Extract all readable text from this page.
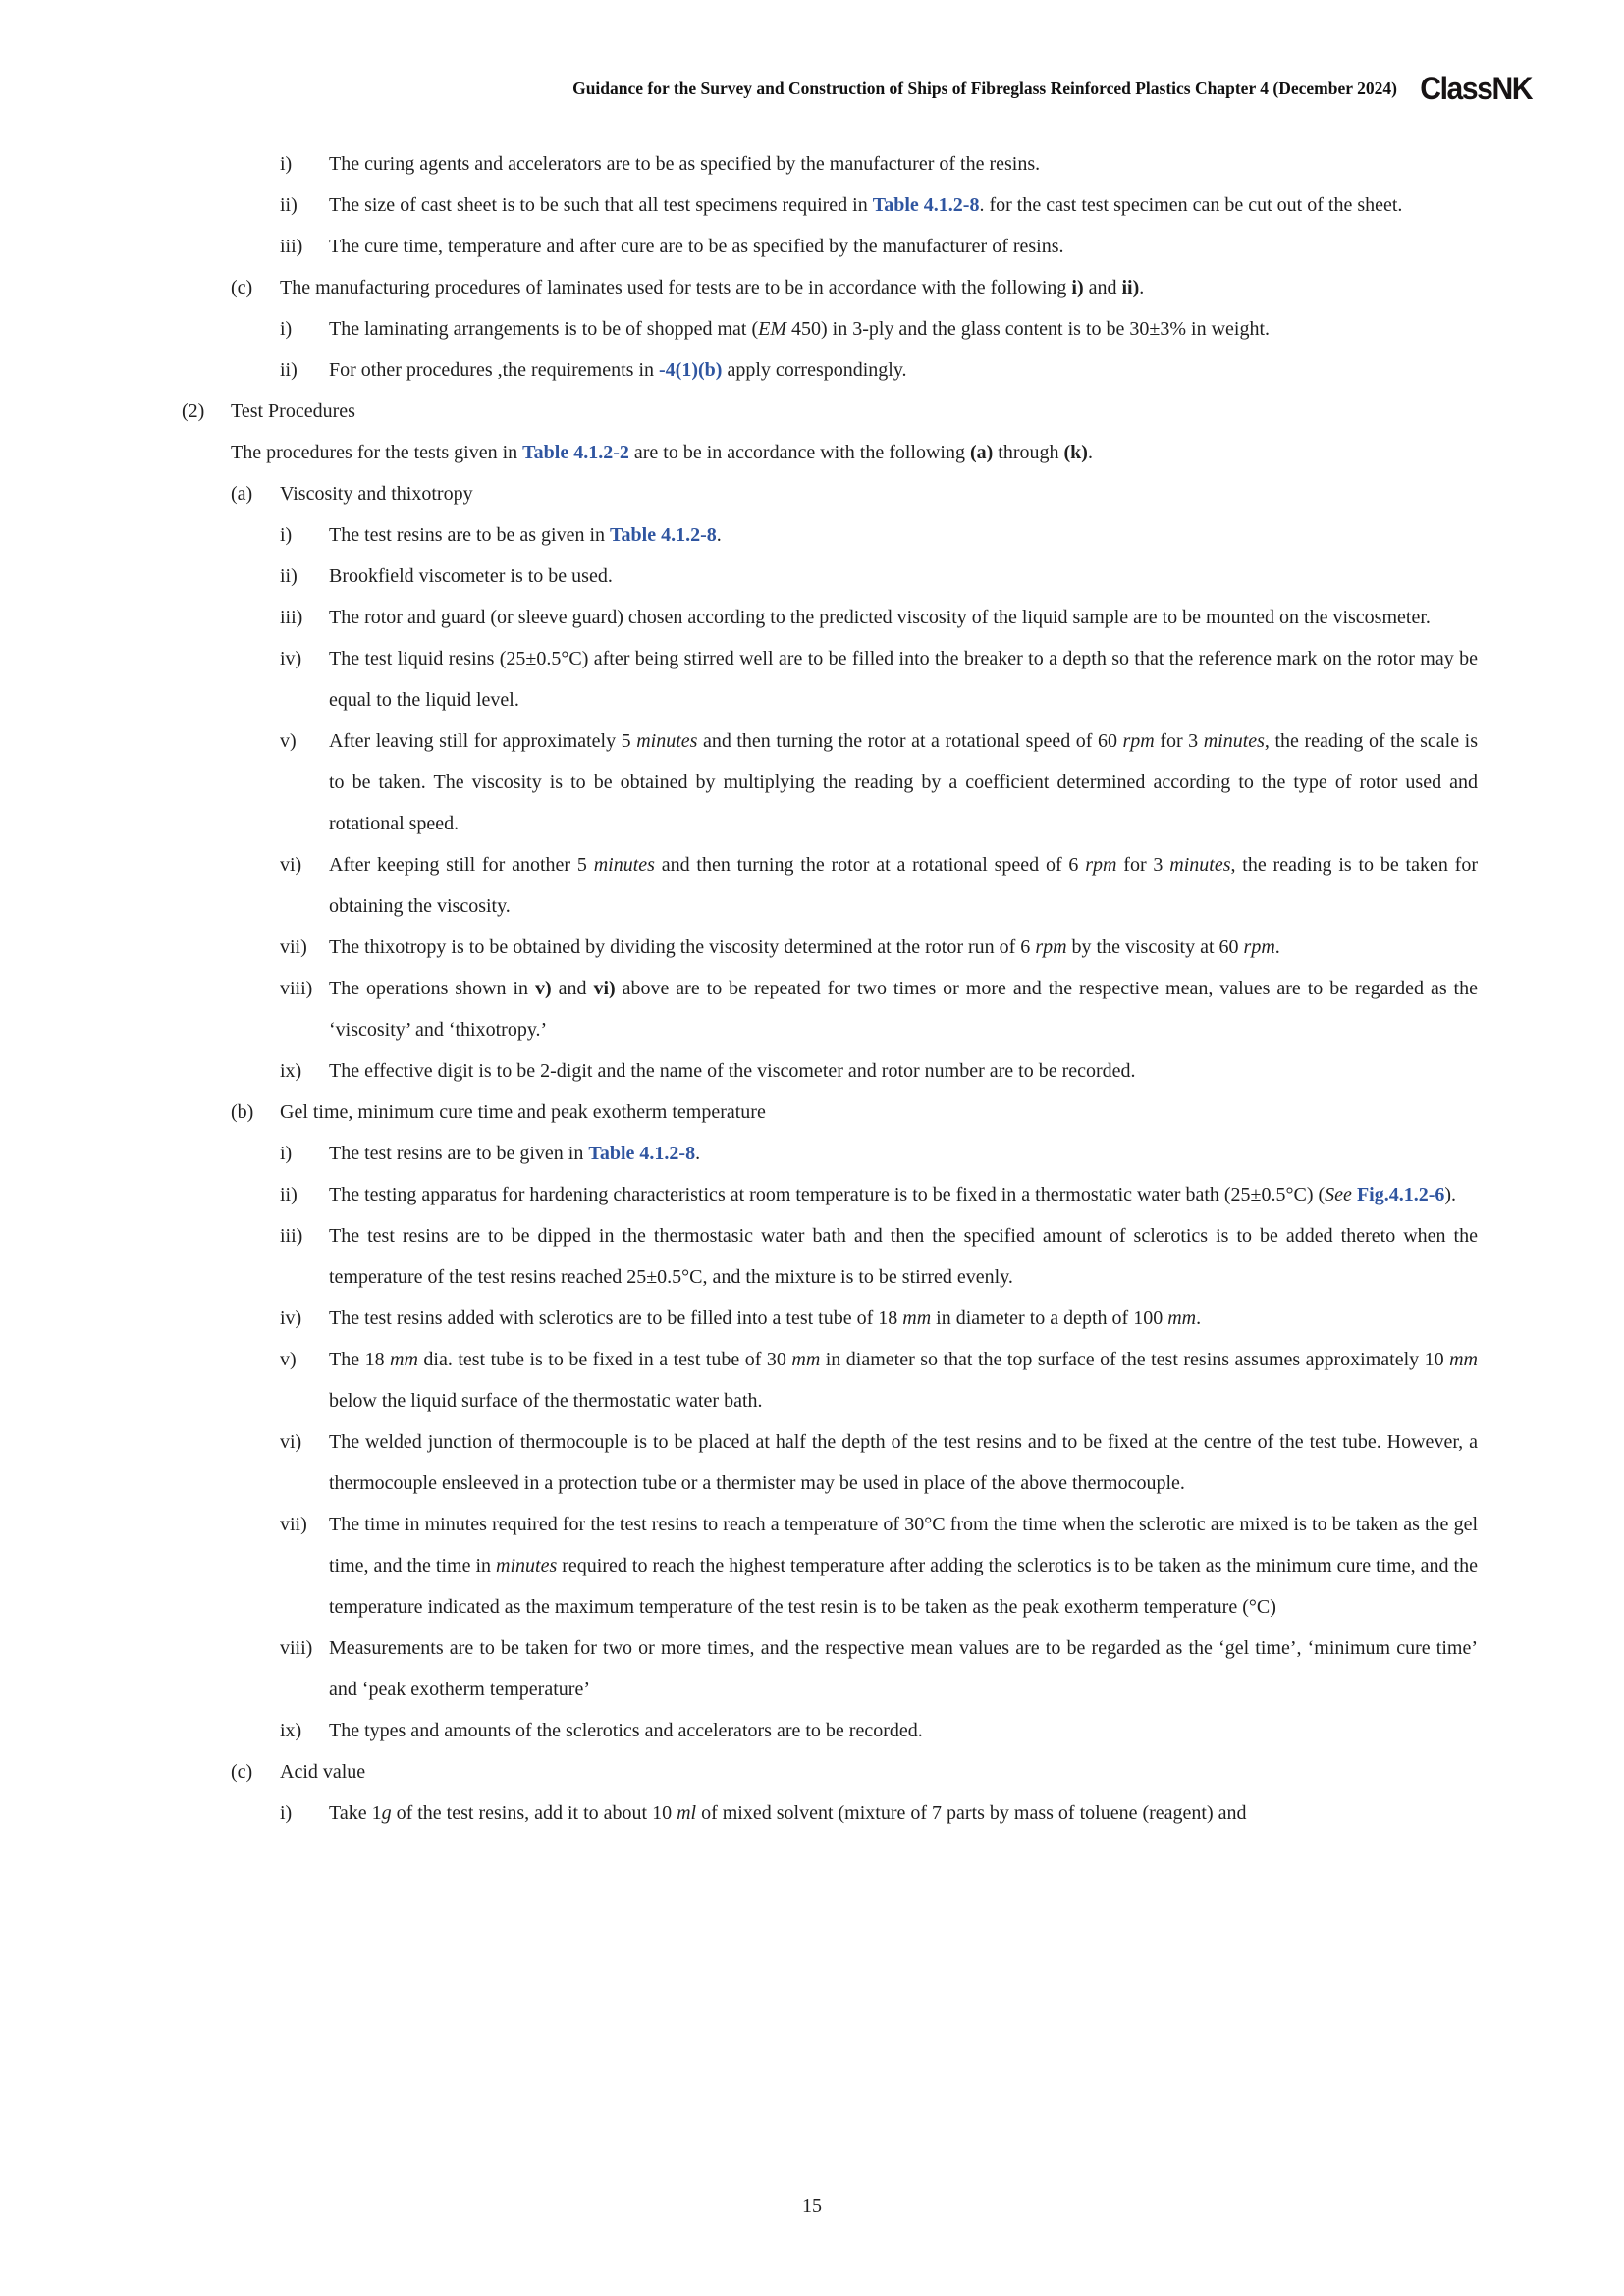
Guidance for the Survey and Construction of Ships of Fibreglass Reinforced Plastics Chapter 4 (December 2024) ClassNK
i)	The curing agents and accelerators are to be as specified by the manufacturer of the resins.
ii)	The size of cast sheet is to be such that all test specimens required in Table 4.1.2-8. for the cast test specimen can be cut out of the sheet.
iii)	The cure time, temperature and after cure are to be as specified by the manufacturer of resins.
(c)	The manufacturing procedures of laminates used for tests are to be in accordance with the following i) and ii).
i)	The laminating arrangements is to be of shopped mat (EM 450) in 3-ply and the glass content is to be 30±3% in weight.
ii)	For other procedures ,the requirements in -4(1)(b) apply correspondingly.
(2)	Test Procedures
The procedures for the tests given in Table 4.1.2-2 are to be in accordance with the following (a) through (k).
(a)	Viscosity and thixotropy
i)	The test resins are to be as given in Table 4.1.2-8.
ii)	Brookfield viscometer is to be used.
iii)	The rotor and guard (or sleeve guard) chosen according to the predicted viscosity of the liquid sample are to be mounted on the viscosmeter.
iv)	The test liquid resins (25±0.5°C) after being stirred well are to be filled into the breaker to a depth so that the reference mark on the rotor may be equal to the liquid level.
v)	After leaving still for approximately 5 minutes and then turning the rotor at a rotational speed of 60 rpm for 3 minutes, the reading of the scale is to be taken. The viscosity is to be obtained by multiplying the reading by a coefficient determined according to the type of rotor used and rotational speed.
vi)	After keeping still for another 5 minutes and then turning the rotor at a rotational speed of 6 rpm for 3 minutes, the reading is to be taken for obtaining the viscosity.
vii)	The thixotropy is to be obtained by dividing the viscosity determined at the rotor run of 6 rpm by the viscosity at 60 rpm.
viii) The operations shown in v) and vi) above are to be repeated for two times or more and the respective mean, values are to be regarded as the ‘viscosity’ and ‘thixotropy.’
ix)	The effective digit is to be 2-digit and the name of the viscometer and rotor number are to be recorded.
(b)	Gel time, minimum cure time and peak exotherm temperature
i)	The test resins are to be given in Table 4.1.2-8.
ii)	The testing apparatus for hardening characteristics at room temperature is to be fixed in a thermostatic water bath (25±0.5°C) (See Fig.4.1.2-6).
iii)	The test resins are to be dipped in the thermostasic water bath and then the specified amount of sclerotics is to be added thereto when the temperature of the test resins reached 25±0.5°C, and the mixture is to be stirred evenly.
iv)	The test resins added with sclerotics are to be filled into a test tube of 18 mm in diameter to a depth of 100 mm.
v)	The 18 mm dia. test tube is to be fixed in a test tube of 30 mm in diameter so that the top surface of the test resins assumes approximately 10 mm below the liquid surface of the thermostatic water bath.
vi)	The welded junction of thermocouple is to be placed at half the depth of the test resins and to be fixed at the centre of the test tube. However, a thermocouple ensleeved in a protection tube or a thermister may be used in place of the above thermocouple.
vii)	The time in minutes required for the test resins to reach a temperature of 30°C from the time when the sclerotic are mixed is to be taken as the gel time, and the time in minutes required to reach the highest temperature after adding the sclerotics is to be taken as the minimum cure time, and the temperature indicated as the maximum temperature of the test resin is to be taken as the peak exotherm temperature (°C)
viii) Measurements are to be taken for two or more times, and the respective mean values are to be regarded as the ‘gel time’, ‘minimum cure time’ and ‘peak exotherm temperature’
ix)	The types and amounts of the sclerotics and accelerators are to be recorded.
(c)	Acid value
i)	Take 1g of the test resins, add it to about 10 ml of mixed solvent (mixture of 7 parts by mass of toluene (reagent) and
15
